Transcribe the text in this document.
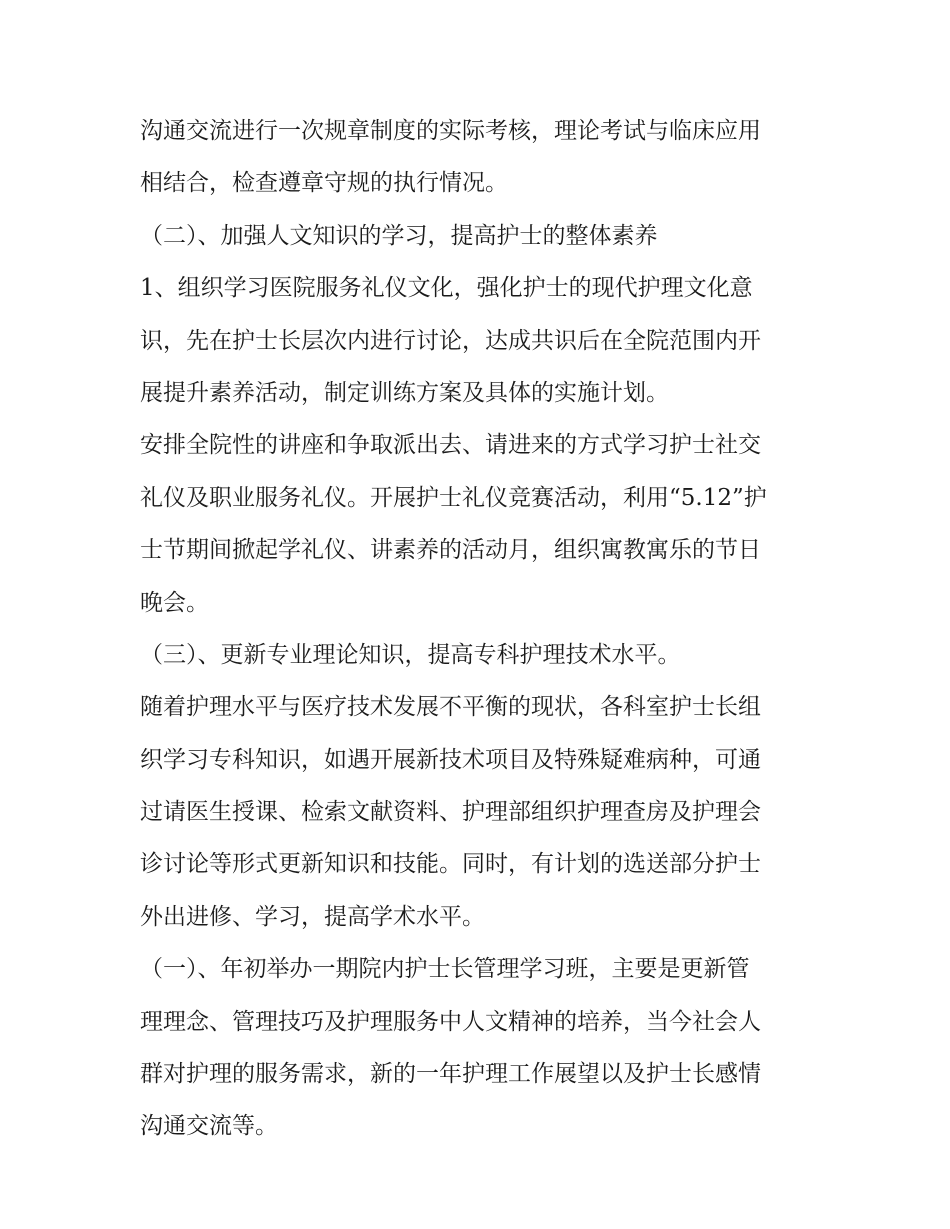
沟通交流进行一次规章制度的实际考核，理论考试与临床应用
相结合，检查遵章守规的执行情况。
（二）、加强人文知识的学习，提高护士的整体素养
1、组织学习医院服务礼仪文化，强化护士的现代护理文化意
识，先在护士长层次内进行讨论，达成共识后在全院范围内开
展提升素养活动，制定训练方案及具体的实施计划。
安排全院性的讲座和争取派出去、请进来的方式学习护士社交
礼仪及职业服务礼仪。开展护士礼仪竞赛活动，利用“5.12”护
士节期间掀起学礼仪、讲素养的活动月，组织寓教寓乐的节日
晚会。
（三）、更新专业理论知识，提高专科护理技术水平。
随着护理水平与医疗技术发展不平衡的现状，各科室护士长组
织学习专科知识，如遇开展新技术项目及特殊疑难病种，可通
过请医生授课、检索文献资料、护理部组织护理查房及护理会
诊讨论等形式更新知识和技能。同时，有计划的选送部分护士
外出进修、学习，提高学术水平。
（一）、年初举办一期院内护士长管理学习班，主要是更新管
理理念、管理技巧及护理服务中人文精神的培养，当今社会人
群对护理的服务需求，新的一年护理工作展望以及护士长感情
沟通交流等。
